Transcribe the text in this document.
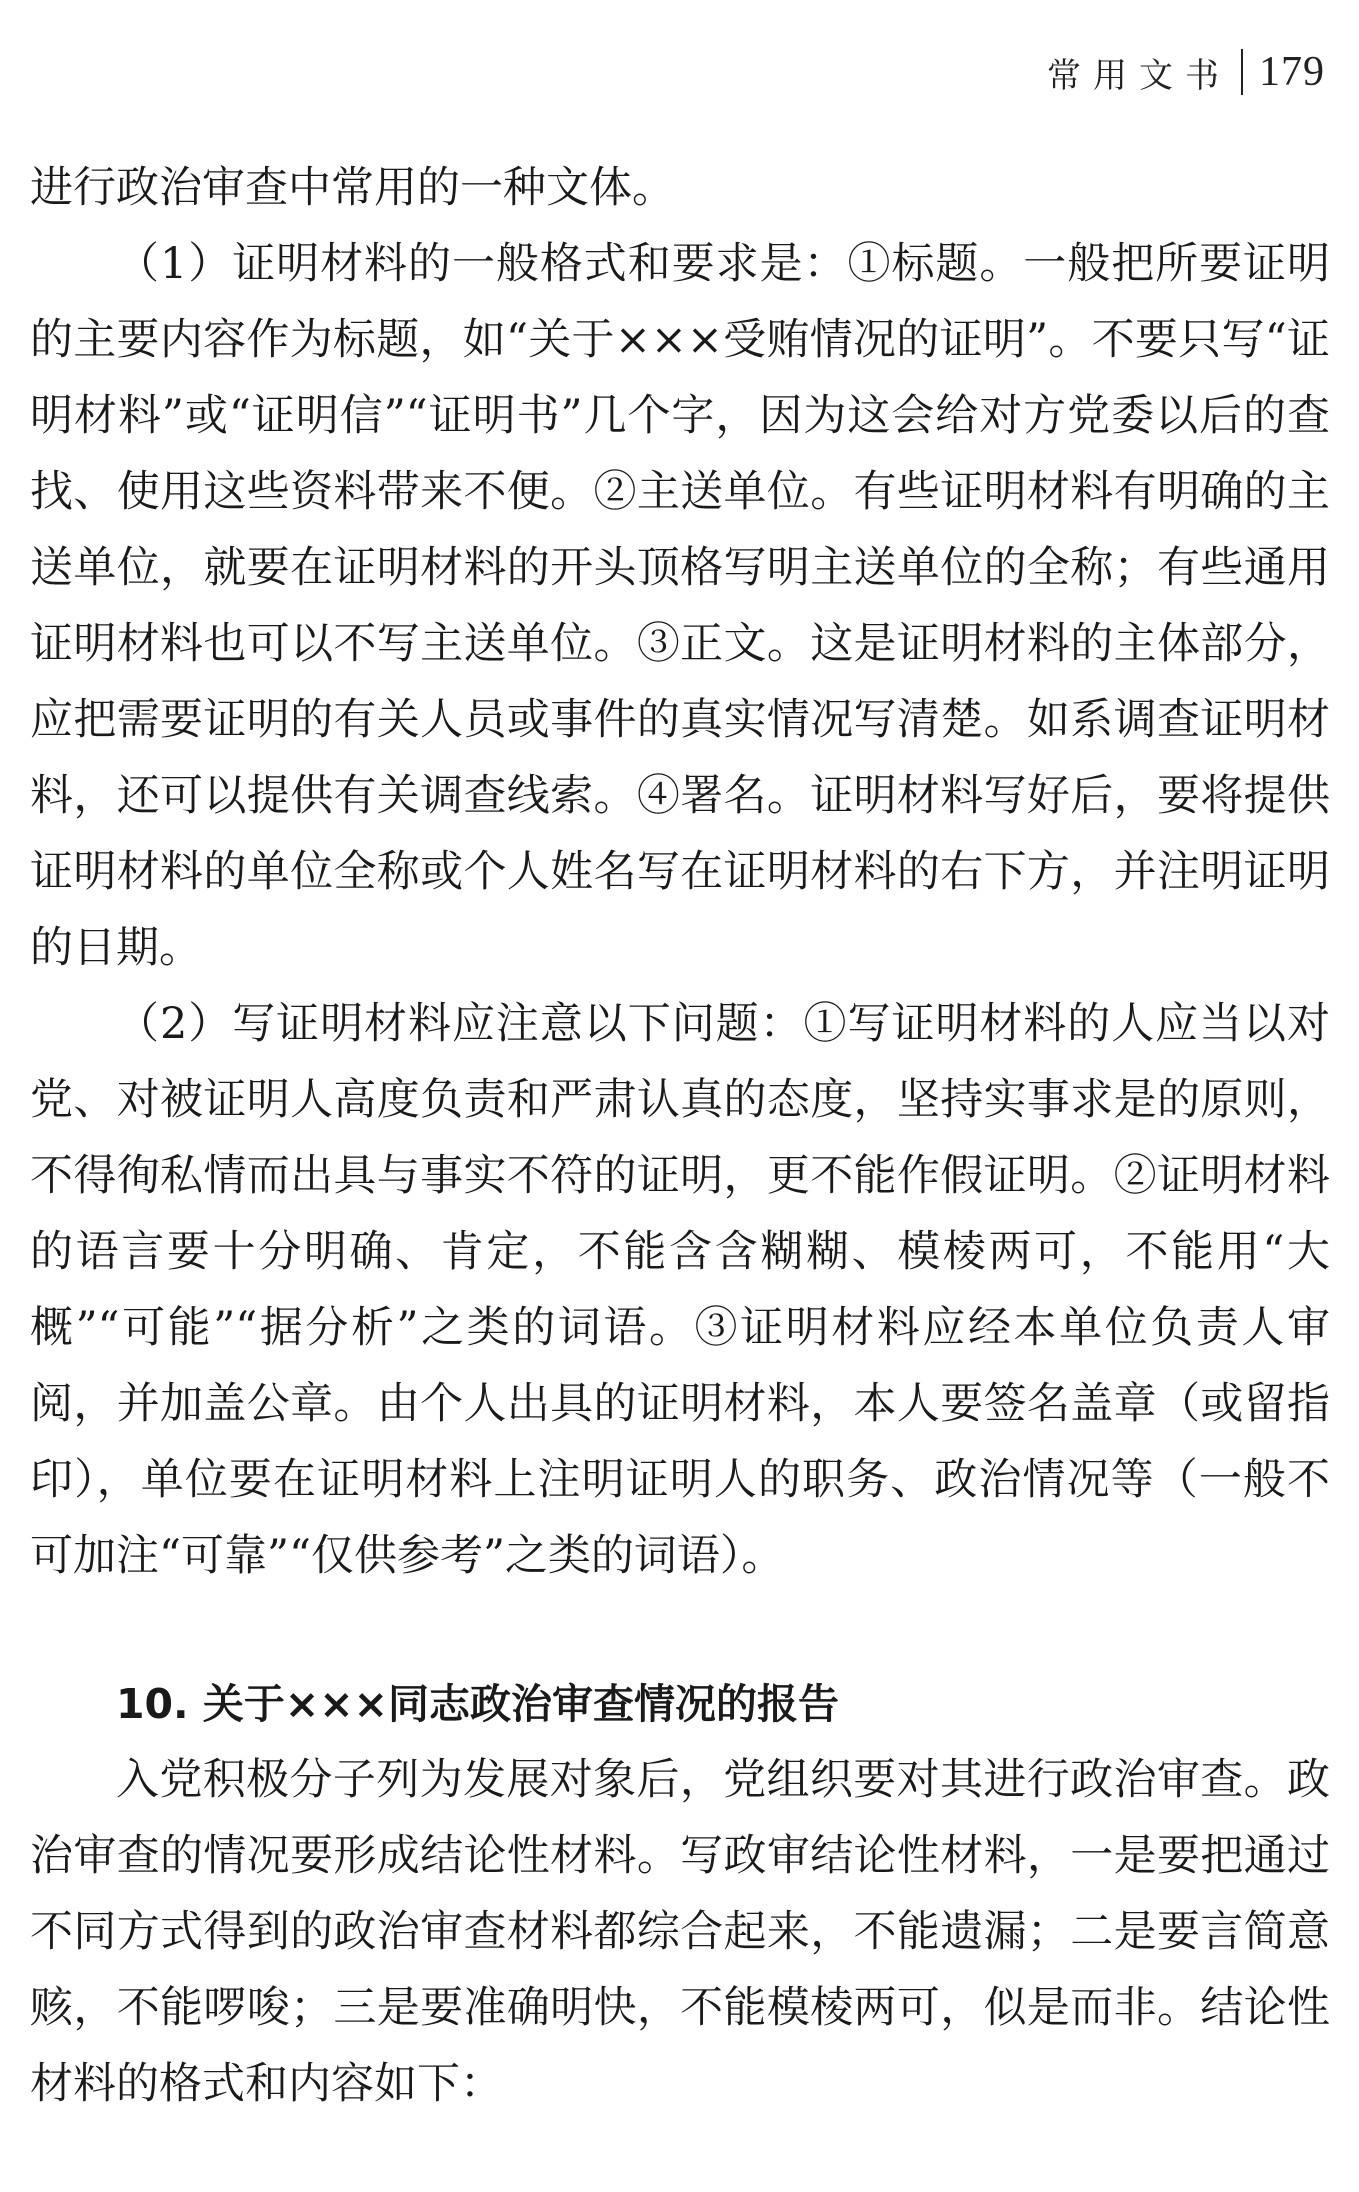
常用文书 179

进行政治审查中常用的一种文体。

（1）证明材料的一般格式和要求是：①标题。一般把所要证明的主要内容作为标题，如“关于×××受贿情况的证明”。不要只写“证明材料”或“证明信”“证明书”几个字，因为这会给对方党委以后的查找、使用这些资料带来不便。②主送单位。有些证明材料有明确的主送单位，就要在证明材料的开头顶格写明主送单位的全称；有些通用证明材料也可以不写主送单位。③正文。这是证明材料的主体部分，应把需要证明的有关人员或事件的真实情况写清楚。如系调查证明材料，还可以提供有关调查线索。④署名。证明材料写好后，要将提供证明材料的单位全称或个人姓名写在证明材料的右下方，并注明证明的日期。

（2）写证明材料应注意以下问题：①写证明材料的人应当以对党、对被证明人高度负责和严肃认真的态度，坚持实事求是的原则，不得徇私情而出具与事实不符的证明，更不能作假证明。②证明材料的语言要十分明确、肯定，不能含含糊糊、模棱两可，不能用“大概”“可能”“据分析”之类的词语。③证明材料应经本单位负责人审阅，并加盖公章。由个人出具的证明材料，本人要签名盖章（或留指印），单位要在证明材料上注明证明人的职务、政治情况等（一般不可加注“可靠”“仅供参考”之类的词语）。

10. 关于×××同志政治审查情况的报告

入党积极分子列为发展对象后，党组织要对其进行政治审查。政治审查的情况要形成结论性材料。写政审结论性材料，一是要把通过不同方式得到的政治审查材料都综合起来，不能遗漏；二是要言简意赅，不能啰唆；三是要准确明快，不能模棱两可，似是而非。结论性材料的格式和内容如下：
